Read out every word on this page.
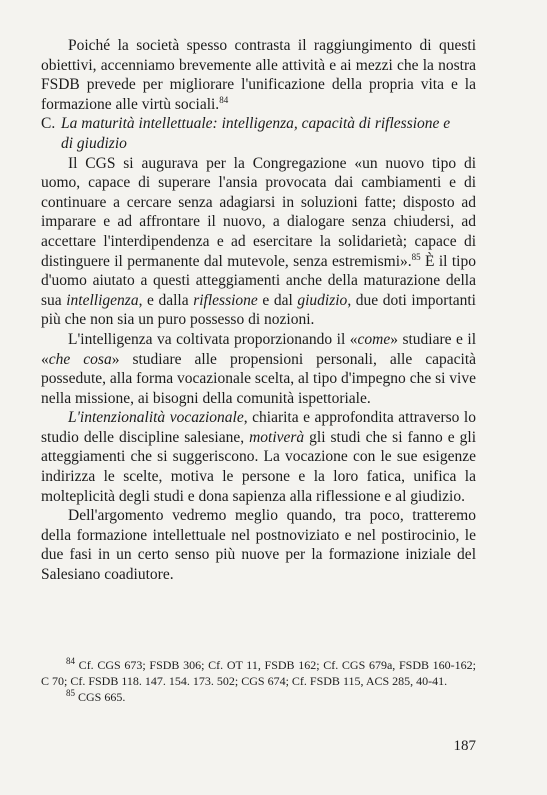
Poiché la società spesso contrasta il raggiungimento di questi obiettivi, accenniamo brevemente alle attività e ai mezzi che la nostra FSDB prevede per migliorare l'unificazione della propria vita e la formazione alle virtù sociali.$^{84}$

C. La maturità intellettuale: intelligenza, capacità di riflessione e
di giudizio

Il CGS si augurava per la Congregazione «un nuovo tipo di uomo, capace di superare l'ansia provocata dai cambiamenti e di continuare a cercare senza adagiarsi in soluzioni fatte; disposto ad imparare e ad affrontare il nuovo, a dialogare senza chiudersi, ad accettare l'interdipendenza e ad esercitare la solidarietà; capace di distinguere il permanente dal mutevole, senza estremismi».$^{85}$ È il tipo d'uomo aiutato a questi atteggiamenti anche della maturazione della sua intelligenza, e dalla riflessione e dal giudizio, due doti importanti più che non sia un puro possesso di nozioni.

L'intelligenza va coltivata proporzionando il «come» studiare e il «che cosa» studiare alle propensioni personali, alle capacità possedute, alla forma vocazionale scelta, al tipo d'impegno che si vive nella missione, ai bisogni della comunità ispettoriale.

L'intenzionalità vocazionale, chiarita e approfondita attraverso lo studio delle discipline salesiane, motiverà gli studi che si fanno e gli atteggiamenti che si suggeriscono. La vocazione con le sue esigenze indirizza le scelte, motiva le persone e la loro fatica, unifica la molteplicità degli studi e dona sapienza alla riflessione e al giudizio.

Dell'argomento vedremo meglio quando, tra poco, tratteremo della formazione intellettuale nel postnoviziato e nel postirocinio, le due fasi in un certo senso più nuove per la formazione iniziale del Salesiano coadiutore.

$^{84}$ Cf. CGS 673; FSDB 306; Cf. OT 11, FSDB 162; Cf. CGS 679a, FSDB 160-162; C 70; Cf. FSDB 118. 147. 154. 173. 502; CGS 674; Cf. FSDB 115, ACS 285, 40-41.

$^{85}$ CGS 665.

187
